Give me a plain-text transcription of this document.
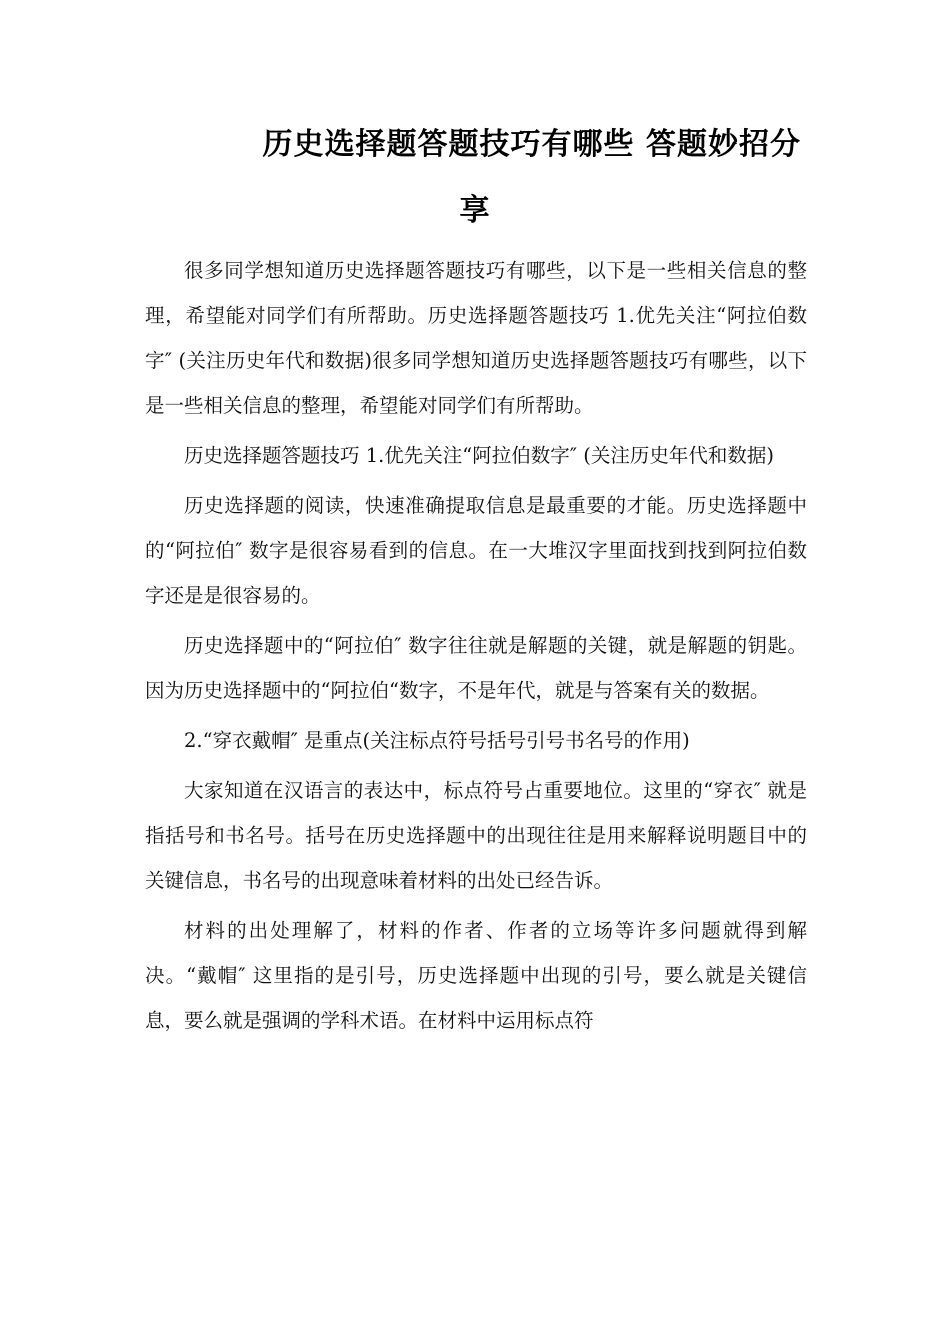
历史选择题答题技巧有哪些 答题妙招分
享

很多同学想知道历史选择题答题技巧有哪些，以下是一些相关信息的整理，希望能对同学们有所帮助。历史选择题答题技巧 1.优先关注“阿拉伯数字″ (关注历史年代和数据)很多同学想知道历史选择题答题技巧有哪些，以下是一些相关信息的整理，希望能对同学们有所帮助。

历史选择题答题技巧 1.优先关注“阿拉伯数字″ (关注历史年代和数据)

历史选择题的阅读，快速准确提取信息是最重要的才能。历史选择题中的“阿拉伯″ 数字是很容易看到的信息。在一大堆汉字里面找到找到阿拉伯数字还是是很容易的。

历史选择题中的“阿拉伯″ 数字往往就是解题的关键，就是解题的钥匙。因为历史选择题中的“阿拉伯“数字，不是年代，就是与答案有关的数据。

2.“穿衣戴帽″ 是重点(关注标点符号括号引号书名号的作用)

大家知道在汉语言的表达中，标点符号占重要地位。这里的“穿衣″ 就是指括号和书名号。括号在历史选择题中的出现往往是用来解释说明题目中的关键信息，书名号的出现意味着材料的出处已经告诉。

材料的出处理解了，材料的作者、作者的立场等许多问题就得到解决。“戴帽″ 这里指的是引号，历史选择题中出现的引号，要么就是关键信息，要么就是强调的学科术语。在材料中运用标点符
